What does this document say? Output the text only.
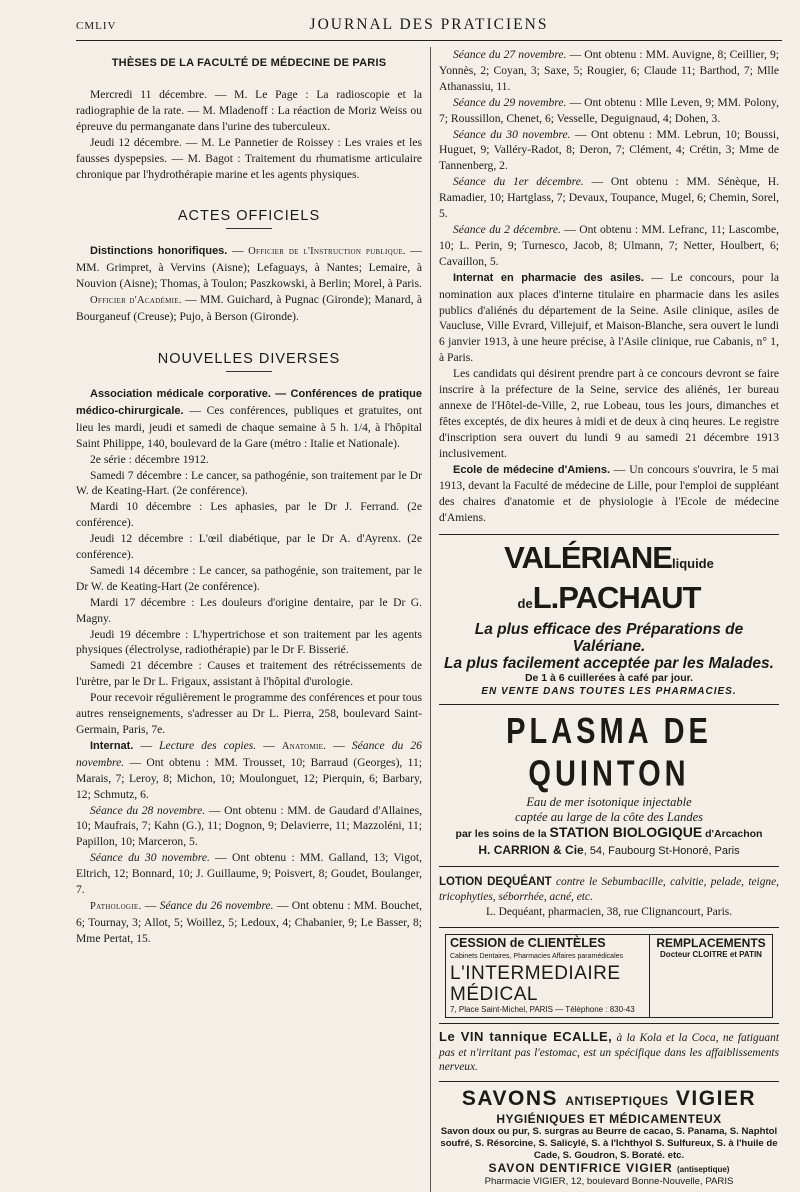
CMLIV	JOURNAL DES PRATICIENS
THÈSES DE LA FACULTÉ DE MÉDECINE DE PARIS

Mercredi 11 décembre. — M. Le Page : La radioscopie et la radiographie de la rate. — M. Mladenoff : La réaction de Moriz Weiss ou épreuve du permanganate dans l'urine des tuberculeux.

Jeudi 12 décembre. — M. Le Pannetier de Roissey : Les vraies et les fausses dyspepsies. — M. Bagot : Traitement du rhumatisme articulaire chronique par l'hydrothérapie marine et les agents physiques.

ACTES OFFICIELS

Distinctions honorifiques. — Officier de l'Instruction publique. — MM. Grimpret, à Vervins (Aisne); Lefaguays, à Nantes; Lemaire, à Nouvion (Aisne); Thomas, à Toulon; Paszkowski, à Berlin; Morel, à Paris.

Officier d'Académie. — MM. Guichard, à Pugnac (Gironde); Manard, à Bourganeuf (Creuse); Pujo, à Berson (Gironde).

NOUVELLES DIVERSES

Association médicale corporative. — Conférences de pratique médico-chirurgicale. — Ces conférences, publiques et gratuites, ont lieu les mardi, jeudi et samedi de chaque semaine à 5 h. 1/4, à l'hôpital Saint Philippe, 140, boulevard de la Gare (métro : Italie et Nationale).

2e série : décembre 1912.

Samedi 7 décembre : Le cancer, sa pathogénie, son traitement par le Dr W. de Keating-Hart. (2e conférence).

Mardi 10 décembre : Les aphasies, par le Dr J. Ferrand. (2e conférence).

Jeudi 12 décembre : L'œil diabétique, par le Dr A. d'Ayrenx. (2e conférence).

Samedi 14 décembre : Le cancer, sa pathogénie, son traitement, par le Dr W. de Keating-Hart (2e conférence).

Mardi 17 décembre : Les douleurs d'origine dentaire, par le Dr G. Magny.

Jeudi 19 décembre : L'hypertrichose et son traitement par les agents physiques (électrolyse, radiothérapie) par le Dr F. Bisserié.

Samedi 21 décembre : Causes et traitement des rétrécissements de l'urètre, par le Dr L. Frigaux, assistant à l'hôpital d'urologie.

Pour recevoir régulièrement le programme des conférences et pour tous autres renseignements, s'adresser au Dr L. Pierra, 258, boulevard Saint-Germain, Paris, 7e.

Internat. — Lecture des copies. — Anatomie. — Séance du 26 novembre. — Ont obtenu : MM. Trousset, 10; Barraud (Georges), 11; Marais, 7; Leroy, 8; Michon, 10; Moulonguet, 12; Pierquin, 6; Barbary, 12; Schmutz, 6.

Séance du 28 novembre. — Ont obtenu : MM. de Gaudard d'Allaines, 10; Maufrais, 7; Kahn (G.), 11; Dognon, 9; Delavierre, 11; Mazzoléni, 11; Papillon, 10; Marceron, 5.

Séance du 30 novembre. — Ont obtenu : MM. Galland, 13; Vigot, Eltrich, 12; Bonnard, 10; J. Guillaume, 9; Poisvert, 8; Goudet, Boulanger, 7.

Pathologie. — Séance du 26 novembre. — Ont obtenu : MM. Bouchet, 6; Tournay, 3; Allot, 5; Woillez, 5; Ledoux, 4; Chabanier, 9; Le Basser, 8; Mme Pertat, 15.

Séance du 27 novembre. — Ont obtenu : MM. Auvigne, 8; Ceillier, 9; Yonnès, 2; Coyan, 3; Saxe, 5; Rougier, 6; Claude 11; Barthod, 7; Mlle Athanassiu, 11.

Séance du 29 novembre. — Ont obtenu : Mlle Leven, 9; MM. Polony, 7; Roussillon, Chenet, 6; Vesselle, Deguignaud, 4; Dohen, 3.

Séance du 30 novembre. — Ont obtenu : MM. Lebrun, 10; Boussi, Huguet, 9; Valléry-Radot, 8; Deron, 7; Clément, 4; Crétin, 3; Mme de Tannenberg, 2.

Séance du 1er décembre. — Ont obtenu : MM. Sénèque, H. Ramadier, 10; Hartglass, 7; Devaux, Toupance, Mugel, 6; Chemin, Sorel, 5.

Séance du 2 décembre. — Ont obtenu : MM. Lefranc, 11; Lascombe, 10; L. Perin, 9; Turnesco, Jacob, 8; Ulmann, 7; Netter, Houlbert, 6; Cavaillon, 5.

Internat en pharmacie des asiles. — Le concours, pour la nomination aux places d'interne titulaire en pharmacie dans les asiles publics d'aliénés du département de la Seine. Asile clinique, asiles de Vaucluse, Ville Evrard, Villejuif, et Maison-Blanche, sera ouvert le lundi 6 janvier 1913, à une heure précise, à l'Asile clinique, rue Cabanis, n° 1, à Paris.

Les candidats qui désirent prendre part à ce concours devront se faire inscrire à la préfecture de la Seine, service des aliénés, 1er bureau annexe de l'Hôtel-de-Ville, 2, rue Lobeau, tous les jours, dimanches et fêtes exceptés, de dix heures à midi et de deux à cinq heures. Le registre d'inscription sera ouvert du lundi 9 au samedi 21 décembre 1913 inclusivement.

Ecole de médecine d'Amiens. — Un concours s'ouvrira, le 5 mai 1913, devant la Faculté de médecine de Lille, pour l'emploi de suppléant des chaires d'anatomie et de physiologie à l'Ecole de médecine d'Amiens.

VALÉRIANEliquide deL.PACHAUT
La plus efficace des Préparations de Valériane.
La plus facilement acceptée par les Malades.
De 1 à 6 cuillerées à café par jour.
EN VENTE DANS TOUTES LES PHARMACIES.
PLASMA DE QUINTON
Eau de mer isotonique injectable
captée au large de la côte des Landes
par les soins de la STATION BIOLOGIQUE d'Arcachon
H. CARRION & Cie, 54, Faubourg St-Honoré, Paris

LOTION DEQUÉANT contre le Sebumbacille, calvitie, pelade, teigne, tricophyties, séborrhée, acné, etc.

L. Dequéant, pharmacien, 38, rue Clignancourt, Paris.

CESSION de CLIENTÈLES Cabinets Dentaires, Pharmacies Affaires paramédicales
L'INTERMEDIAIRE MÉDICAL
7, Place Saint-Michel, PARIS — Téléphone : 830-43
REMPLACEMENTS
Docteur CLOITRE et PATIN

Le VIN tannique ECALLE, à la Kola et la Coca, ne fatiguant pas et n'irritant pas l'estomac, est un spécifique dans les affaiblissements nerveux.

SAVONS ANTISEPTIQUES VIGIER
HYGIÉNIQUES ET MÉDICAMENTEUX
Savon doux ou pur, S. surgras au Beurre de cacao, S. Panama, S. Naphtol soufré, S. Résorcine, S. Salicylé, S. à l'Ichthyol S. Sulfureux, S. à l'huile de Cade, S. Goudron, S. Boraté. etc.
SAVON DENTIFRICE VIGIER (antiseptique)
Pharmacie VIGIER, 12, boulevard Bonne-Nouvelle, PARIS
